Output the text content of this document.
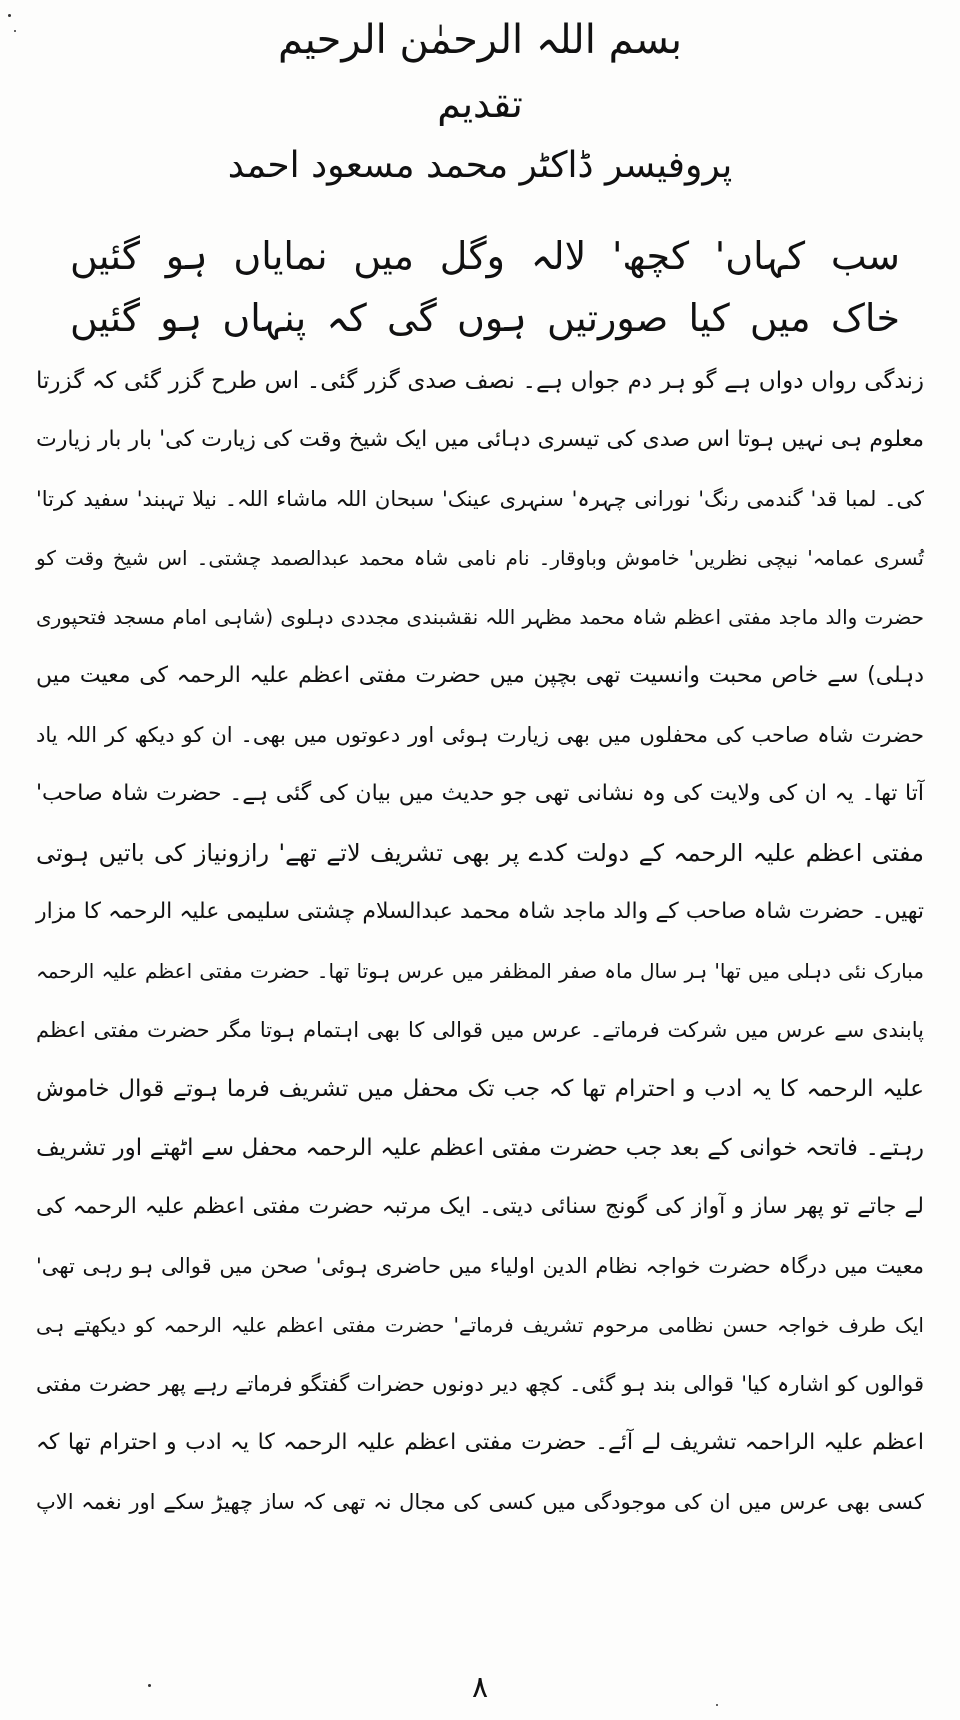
بسم اللہ الرحمٰن الرحیم
تقدیم
پروفیسر ڈاکٹر محمد مسعود احمد
سب کہاں' کچھ' لالہ وگل میں نمایاں ہو گئیں
خاک میں کیا صورتیں ہوں گی کہ پنہاں ہو گئیں
زندگی رواں دواں ہے گو ہر دم جواں ہے۔ نصف صدی گزر گئی۔ اس طرح گزر گئی کہ گزرتا
معلوم ہی نہیں ہوتا اس صدی کی تیسری دہائی میں ایک شیخ وقت کی زیارت کی' بار بار زیارت
کی۔ لمبا قد' گندمی رنگ' نورانی چہرہ' سنہری عینک' سبحان اللہ ماشاء اللہ۔ نیلا تہبند' سفید کرتا'
تُسری عمامہ' نیچی نظریں' خاموش وباوقار۔ نام نامی شاہ محمد عبدالصمد چشتی۔ اس شیخ وقت کو
حضرت والد ماجد مفتی اعظم شاہ محمد مظہر اللہ نقشبندی مجددی دہلوی (شاہی امام مسجد فتحپوری
دہلی) سے خاص محبت وانسیت تھی بچپن میں حضرت مفتی اعظم علیہ الرحمہ کی معیت میں
حضرت شاہ صاحب کی محفلوں میں بھی زیارت ہوئی اور دعوتوں میں بھی۔ ان کو دیکھ کر اللہ یاد
آتا تھا۔ یہ ان کی ولایت کی وہ نشانی تھی جو حدیث میں بیان کی گئی ہے۔ حضرت شاہ صاحب'
مفتی اعظم علیہ الرحمہ کے دولت کدے پر بھی تشریف لاتے تھے' رازونیاز کی باتیں ہوتی
تھیں۔ حضرت شاہ صاحب کے والد ماجد شاہ محمد عبدالسلام چشتی سلیمی علیہ الرحمہ کا مزار
مبارک نئی دہلی میں تھا' ہر سال ماہ صفر المظفر میں عرس ہوتا تھا۔ حضرت مفتی اعظم علیہ الرحمہ
پابندی سے عرس میں شرکت فرماتے۔ عرس میں قوالی کا بھی اہتمام ہوتا مگر حضرت مفتی اعظم
علیہ الرحمہ کا یہ ادب و احترام تھا کہ جب تک محفل میں تشریف فرما ہوتے قوال خاموش
رہتے۔ فاتحہ خوانی کے بعد جب حضرت مفتی اعظم علیہ الرحمہ محفل سے اٹھتے اور تشریف
لے جاتے تو پھر ساز و آواز کی گونج سنائی دیتی۔ ایک مرتبہ حضرت مفتی اعظم علیہ الرحمہ کی
معیت میں درگاہ حضرت خواجہ نظام الدین اولیاء میں حاضری ہوئی' صحن میں قوالی ہو رہی تھی'
ایک طرف خواجہ حسن نظامی مرحوم تشریف فرماتے' حضرت مفتی اعظم علیہ الرحمہ کو دیکھتے ہی
قوالوں کو اشارہ کیا' قوالی بند ہو گئی۔ کچھ دیر دونوں حضرات گفتگو فرماتے رہے پھر حضرت مفتی
اعظم علیہ الراحمہ تشریف لے آئے۔ حضرت مفتی اعظم علیہ الرحمہ کا یہ ادب و احترام تھا کہ
کسی بھی عرس میں ان کی موجودگی میں کسی کی مجال نہ تھی کہ ساز چھیڑ سکے اور نغمہ الاپ
۸
